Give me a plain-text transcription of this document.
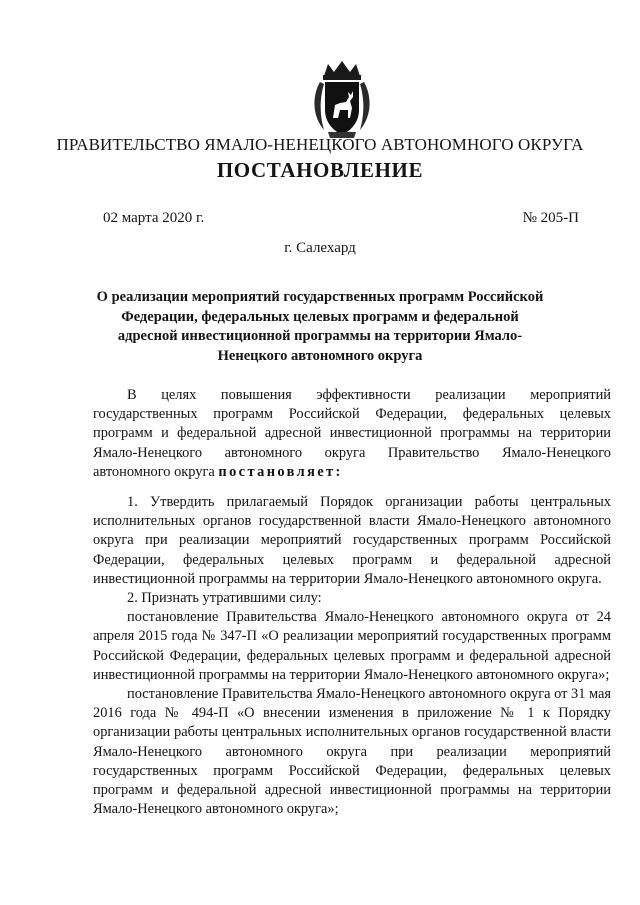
ПРАВИТЕЛЬСТВО ЯМАЛО-НЕНЕЦКОГО АВТОНОМНОГО ОКРУГА
ПОСТАНОВЛЕНИЕ
02 марта 2020 г.	№ 205-П
г. Салехард

О реализации мероприятий государственных программ Российской Федерации, федеральных целевых программ и федеральной адресной инвестиционной программы на территории Ямало-Ненецкого автономного округа

В целях повышения эффективности реализации мероприятий государственных программ Российской Федерации, федеральных целевых программ и федеральной адресной инвестиционной программы на территории Ямало-Ненецкого автономного округа Правительство Ямало-Ненецкого автономного округа постановляет:

1. Утвердить прилагаемый Порядок организации работы центральных исполнительных органов государственной власти Ямало-Ненецкого автономного округа при реализации мероприятий государственных программ Российской Федерации, федеральных целевых программ и федеральной адресной инвестиционной программы на территории Ямало-Ненецкого автономного округа.

2. Признать утратившими силу:

постановление Правительства Ямало-Ненецкого автономного округа от 24 апреля 2015 года № 347-П «О реализации мероприятий государственных программ Российской Федерации, федеральных целевых программ и федеральной адресной инвестиционной программы на территории Ямало-Ненецкого автономного округа»;

постановление Правительства Ямало-Ненецкого автономного округа от 31 мая 2016 года № 494-П «О внесении изменения в приложение № 1 к Порядку организации работы центральных исполнительных органов государственной власти Ямало-Ненецкого автономного округа при реализации мероприятий государственных программ Российской Федерации, федеральных целевых программ и федеральной адресной инвестиционной программы на территории Ямало-Ненецкого автономного округа»;
